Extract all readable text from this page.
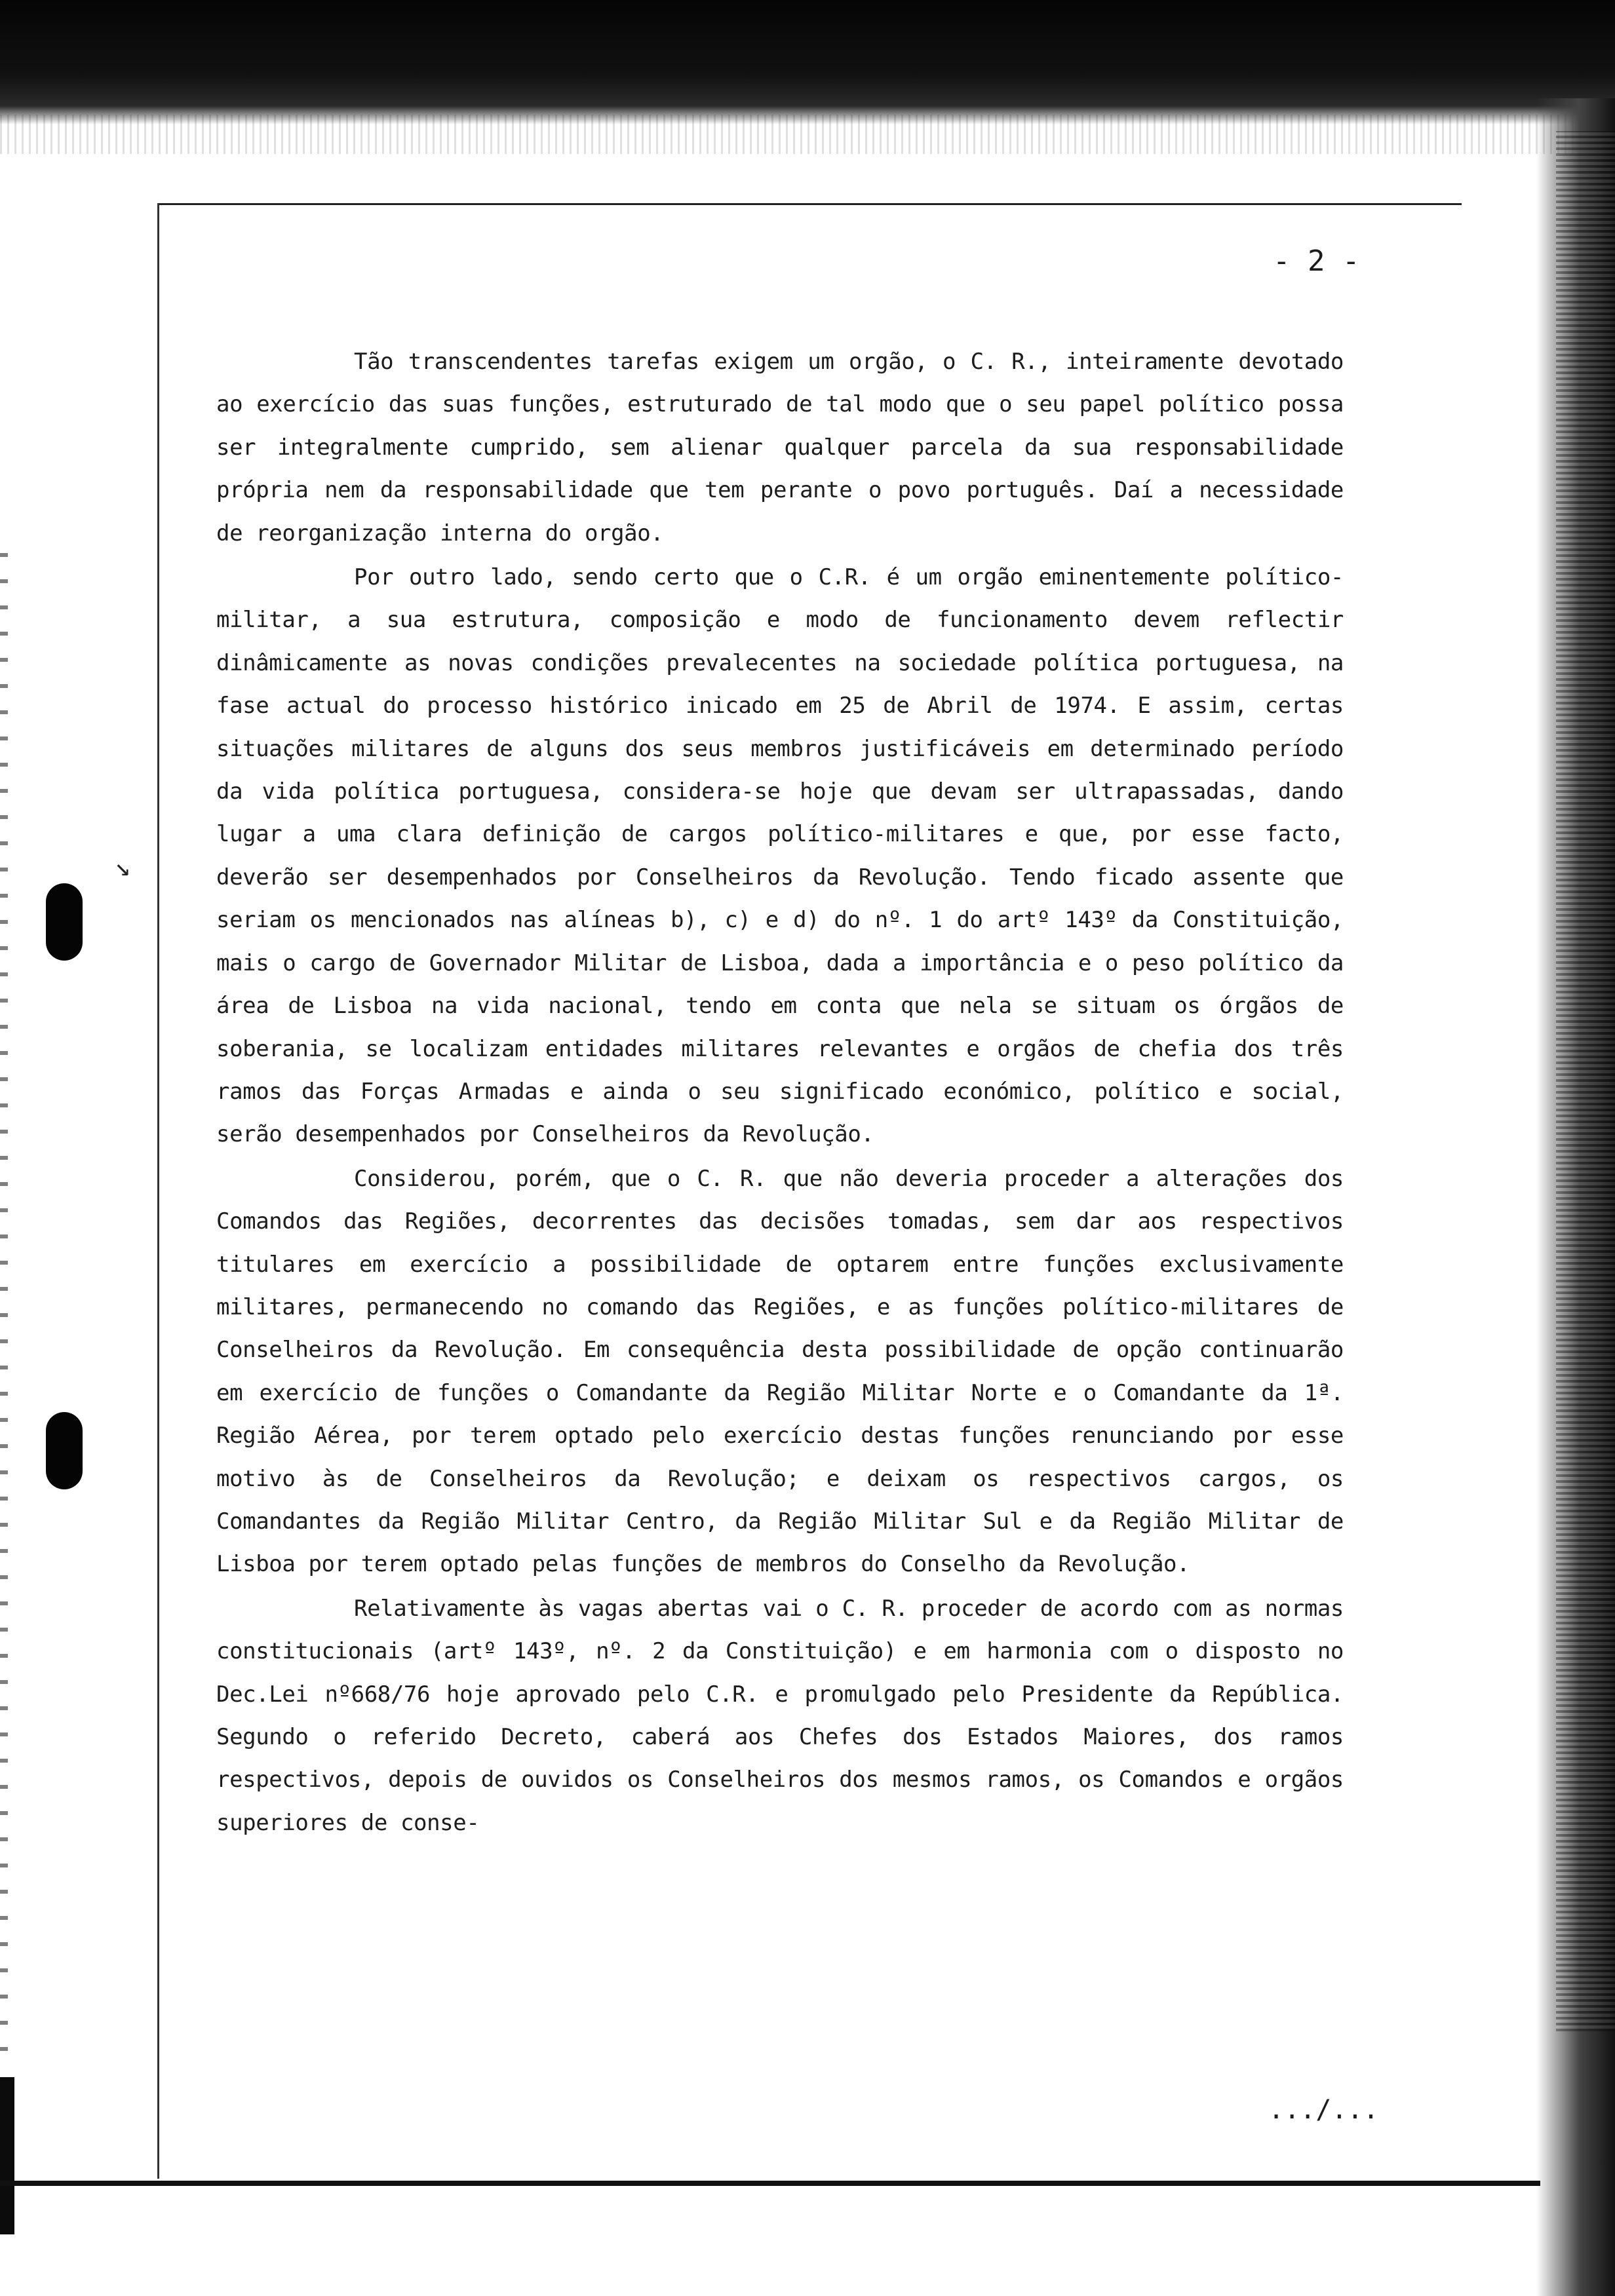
↘

- 2 -

Tão transcendentes tarefas exigem um orgão, o C. R., inteiramente devotado ao exercício das suas funções, estruturado de tal modo que o seu papel político possa ser integralmente cumprido, sem alienar qualquer parcela da sua responsabilidade própria nem da responsabilidade que tem perante o povo português. Daí a necessidade de reorganização interna do orgão.

Por outro lado, sendo certo que o C.R. é um orgão eminentemente político-militar, a sua estrutura, composição e modo de funcionamento devem reflectir dinâmicamente as novas condições prevalecentes na sociedade política portuguesa, na fase actual do processo histórico inicado em 25 de Abril de 1974. E assim, certas situações militares de alguns dos seus membros justificáveis em determinado período da vida política portuguesa, considera-se hoje que devam ser ultrapassadas, dando lugar a uma clara definição de cargos político-militares e que, por esse facto, deverão ser desempenhados por Conselheiros da Revolução. Tendo ficado assente que seriam os mencionados nas alíneas b), c) e d) do nº. 1 do artº 143º da Constituição, mais o cargo de Governador Militar de Lisboa, dada a importância e o peso político da área de Lisboa na vida nacional, tendo em conta que nela se situam os órgãos de soberania, se localizam entidades militares relevantes e orgãos de chefia dos três ramos das Forças Armadas e ainda o seu significado económico, político e social, serão desempenhados por Conselheiros da Revolução.

Considerou, porém, que o C. R. que não deveria proceder a alterações dos Comandos das Regiões, decorrentes das decisões tomadas, sem dar aos respectivos titulares em exercício a possibilidade de optarem entre funções exclusivamente militares, permanecendo no comando das Regiões, e as funções político-militares de Conselheiros da Revolução. Em consequência desta possibilidade de opção continuarão em exercício de funções o Comandante da Região Militar Norte e o Comandante da 1ª. Região Aérea, por terem optado pelo exercício destas funções renunciando por esse motivo às de Conselheiros da Revolução; e deixam os respectivos cargos, os Comandantes da Região Militar Centro, da Região Militar Sul e da Região Militar de Lisboa por terem optado pelas funções de membros do Conselho da Revolução.

Relativamente às vagas abertas vai o C. R. proceder de acordo com as normas constitucionais (artº 143º, nº. 2 da Constituição) e em harmonia com o disposto no Dec.Lei nº668/76 hoje aprovado pelo C.R. e promulgado pelo Presidente da República. Segundo o referido Decreto, caberá aos Chefes dos Estados Maiores, dos ramos respectivos, depois de ouvidos os Conselheiros dos mesmos ramos, os Comandos e orgãos superiores de conse-

.../...
